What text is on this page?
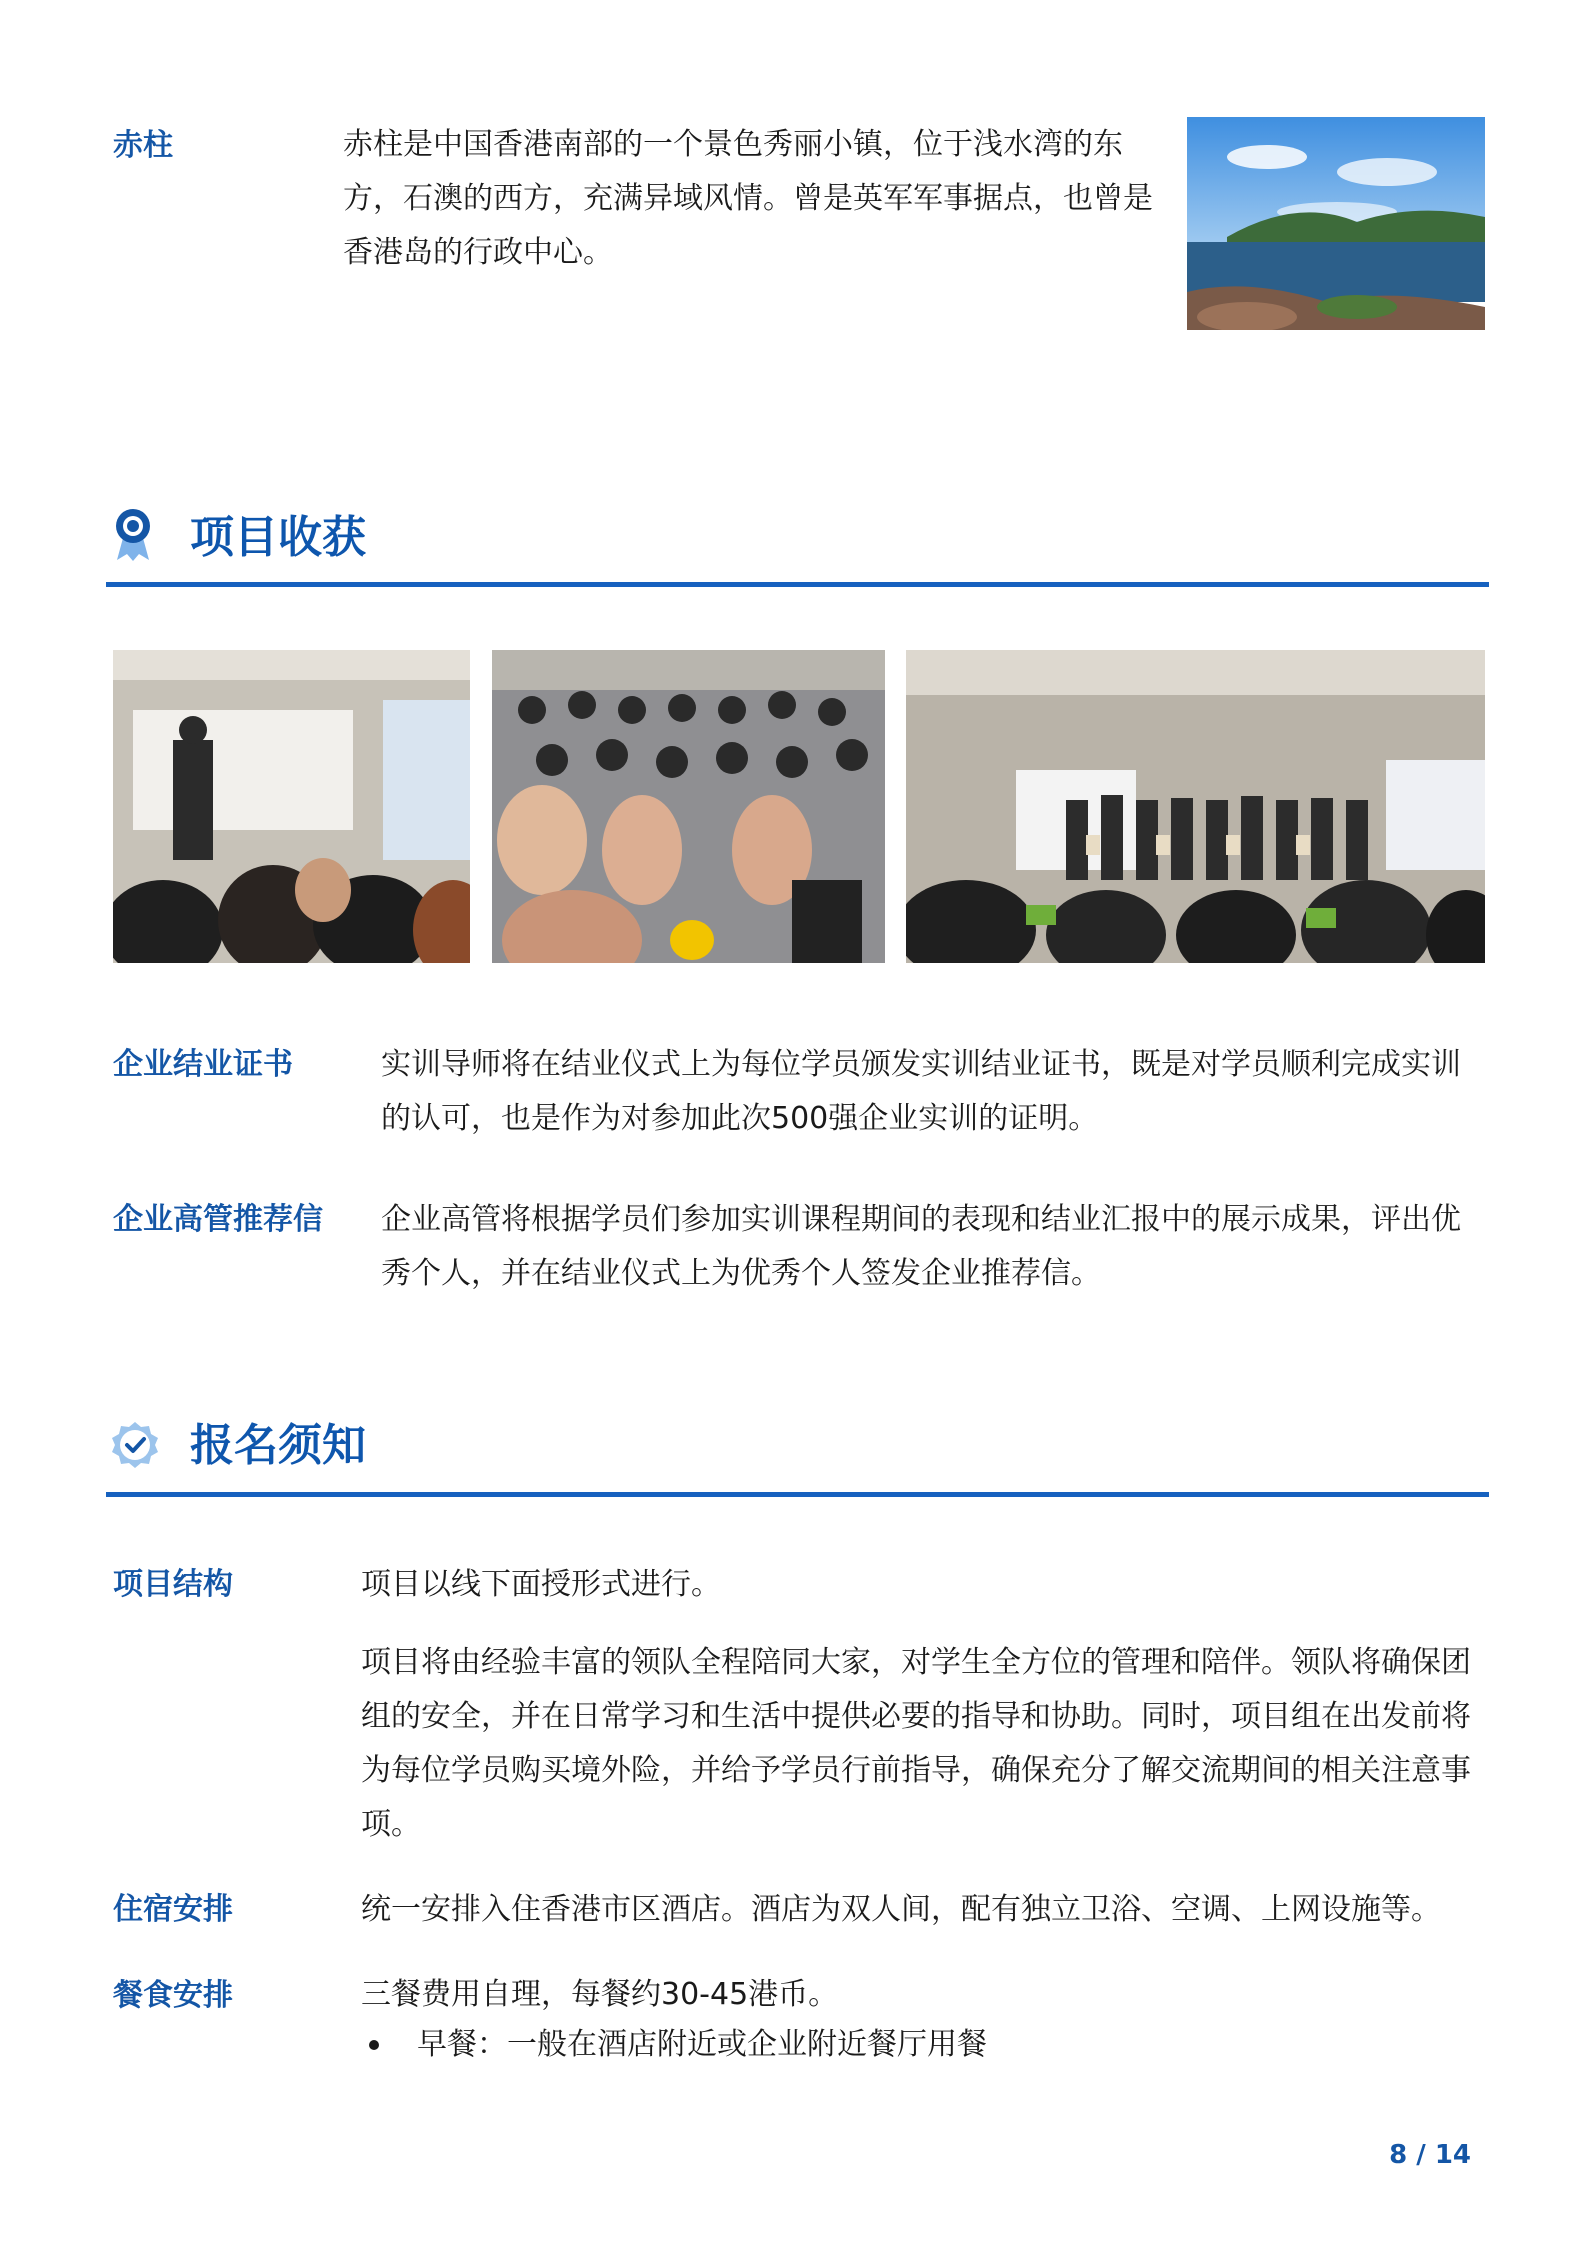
赤柱	赤柱是中国香港南部的一个景色秀丽小镇，位于浅水湾的东方，石澳的西方，充满异域风情。曾是英军军事据点，也曾是香港岛的行政中心。
项目收获
企业结业证书	实训导师将在结业仪式上为每位学员颁发实训结业证书，既是对学员顺利完成实训的认可，也是作为对参加此次500强企业实训的证明。
企业高管推荐信 企业高管将根据学员们参加实训课程期间的表现和结业汇报中的展示成果，评出优秀个人，并在结业仪式上为优秀个人签发企业推荐信。
报名须知
项目结构	项目以线下面授形式进行。
项目将由经验丰富的领队全程陪同大家，对学生全方位的管理和陪伴。领队将确保团组的安全，并在日常学习和生活中提供必要的指导和协助。同时，项目组在出发前将为每位学员购买境外险，并给予学员行前指导，确保充分了解交流期间的相关注意事项。
住宿安排	统一安排入住香港市区酒店。酒店为双人间，配有独立卫浴、空调、上网设施等。
餐食安排	三餐费用自理，每餐约30-45港币。
早餐：一般在酒店附近或企业附近餐厅用餐
8 / 14
